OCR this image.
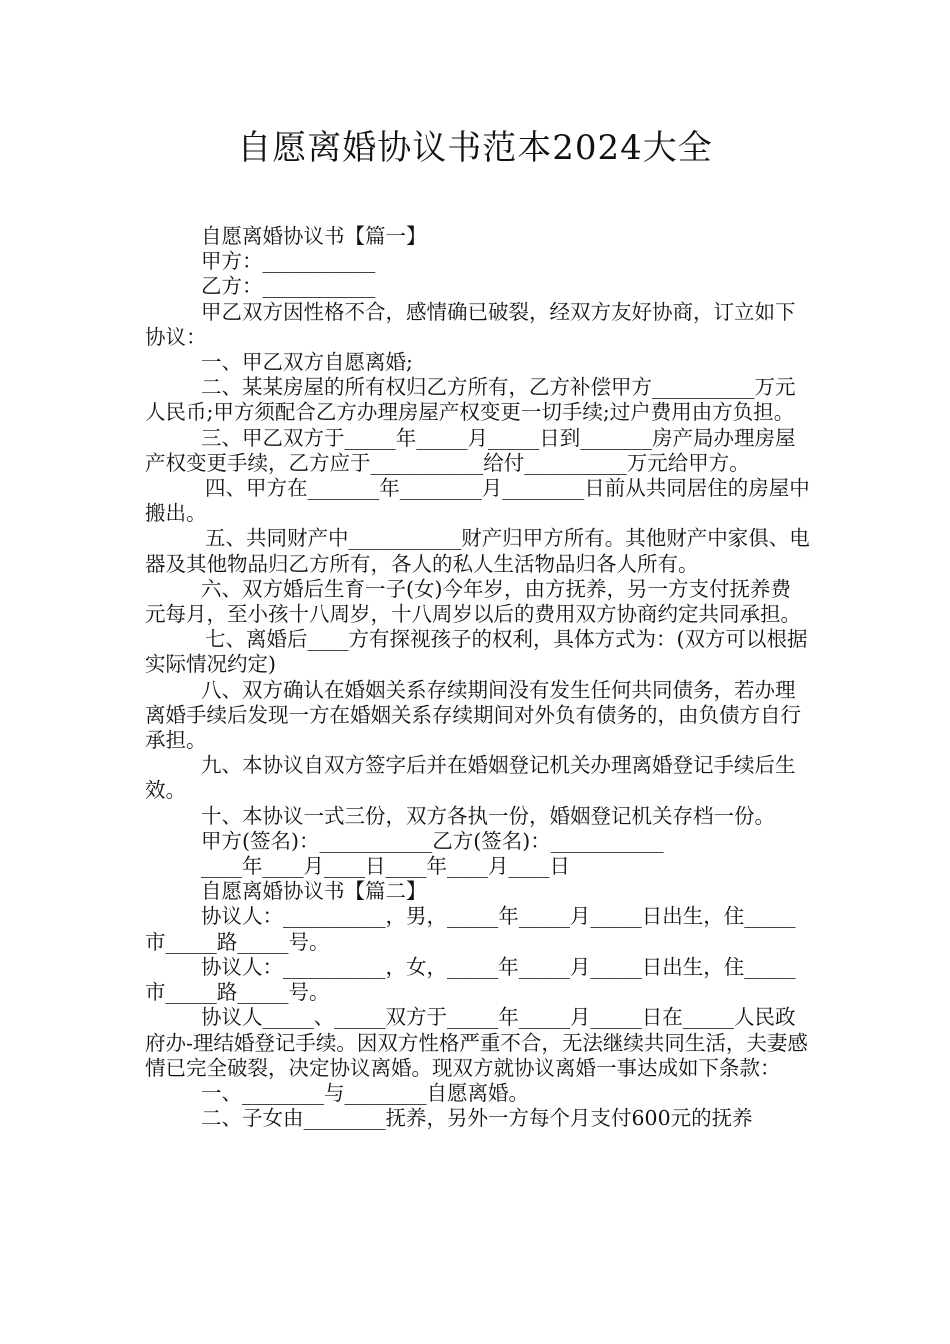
自愿离婚协议书范本2024大全

自愿离婚协议书【篇一】

甲方：___________

乙方：___________

甲乙双方因性格不合，感情确已破裂，经双方友好协商，订立如下协议：

一、甲乙双方自愿离婚;

二、某某房屋的所有权归乙方所有，乙方补偿甲方__________万元人民币;甲方须配合乙方办理房屋产权变更一切手续;过户费用由方负担。

三、甲乙双方于_____年_____月_____日到_______房产局办理房屋产权变更手续，乙方应于___________给付__________万元给甲方。

四、甲方在_______年________月________日前从共同居住的房屋中搬出。

五、共同财产中___________财产归甲方所有。其他财产中家俱、电器及其他物品归乙方所有，各人的私人生活物品归各人所有。

六、双方婚后生育一子(女)今年岁，由方抚养，另一方支付抚养费元每月，至小孩十八周岁，十八周岁以后的费用双方协商约定共同承担。

七、离婚后____方有探视孩子的权利，具体方式为：(双方可以根据实际情况约定)

八、双方确认在婚姻关系存续期间没有发生任何共同债务，若办理离婚手续后发现一方在婚姻关系存续期间对外负有债务的，由负债方自行承担。

九、本协议自双方签字后并在婚姻登记机关办理离婚登记手续后生效。

十、本协议一式三份，双方各执一份，婚姻登记机关存档一份。

甲方(签名)：___________乙方(签名)：___________

____年____月____日____年____月____日

自愿离婚协议书【篇二】

协议人：__________，男，_____年_____月_____日出生，住_____市_____路_____号。

协议人：__________，女，_____年_____月_____日出生，住_____市_____路_____号。

协议人_____、_____双方于_____年_____月_____日在_____人民政府办-理结婚登记手续。因双方性格严重不合，无法继续共同生活，夫妻感情已完全破裂，决定协议离婚。现双方就协议离婚一事达成如下条款：

一、________与________自愿离婚。

二、子女由________抚养，另外一方每个月支付600元的抚养
